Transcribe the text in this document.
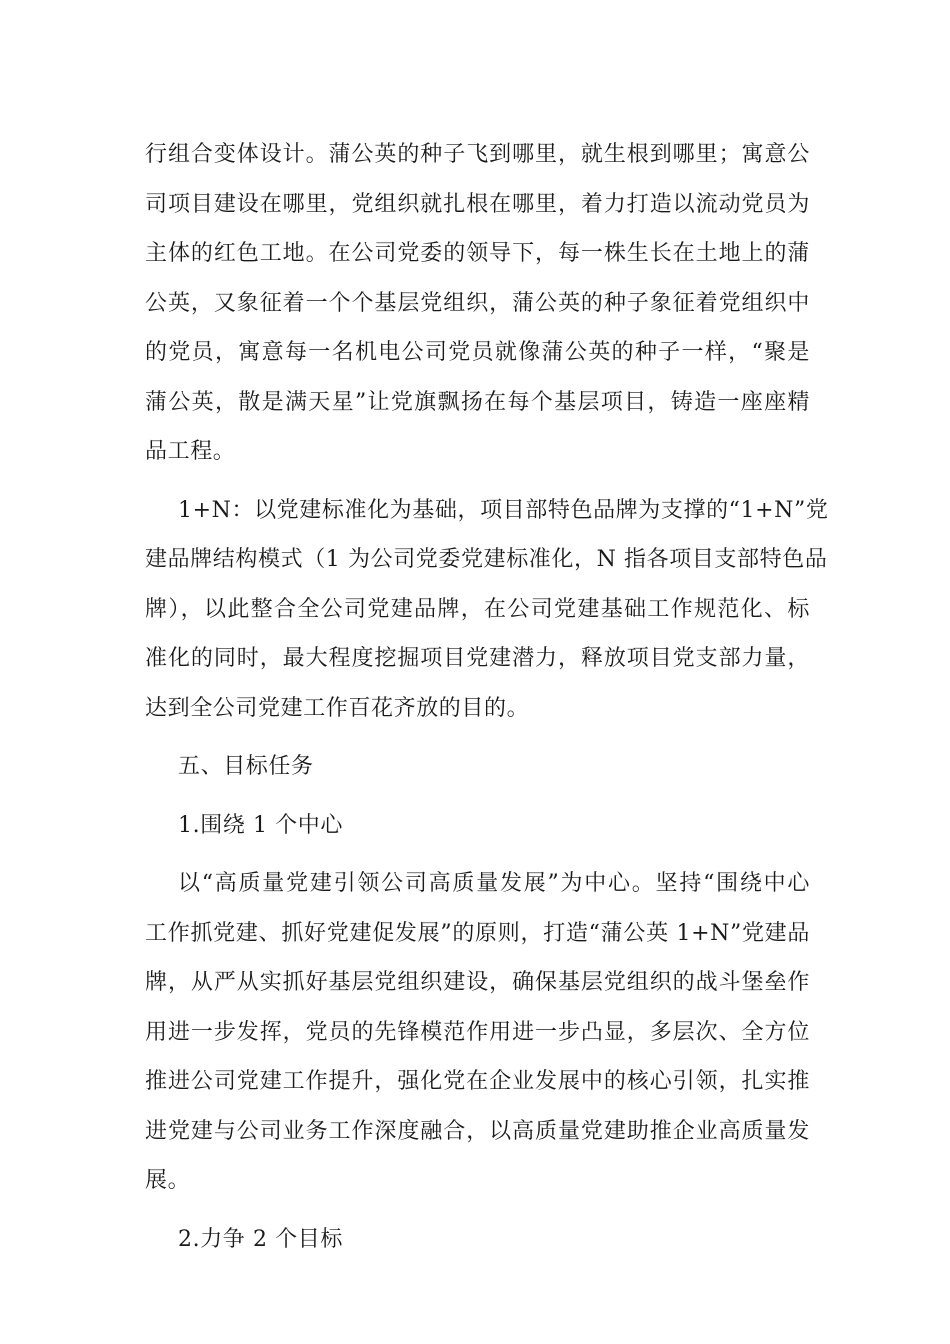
行组合变体设计。蒲公英的种子飞到哪里，就生根到哪里；寓意公
司项目建设在哪里，党组织就扎根在哪里，着力打造以流动党员为
主体的红色工地。在公司党委的领导下，每一株生长在土地上的蒲
公英，又象征着一个个基层党组织，蒲公英的种子象征着党组织中
的党员，寓意每一名机电公司党员就像蒲公英的种子一样，“聚是
蒲公英，散是满天星”让党旗飘扬在每个基层项目，铸造一座座精
品工程。

1+N：以党建标准化为基础，项目部特色品牌为支撑的“1+N”党
建品牌结构模式（1 为公司党委党建标准化，N 指各项目支部特色品
牌），以此整合全公司党建品牌，在公司党建基础工作规范化、标
准化的同时，最大程度挖掘项目党建潜力，释放项目党支部力量，
达到全公司党建工作百花齐放的目的。

五、目标任务

1.围绕 1 个中心

以“高质量党建引领公司高质量发展”为中心。坚持“围绕中心
工作抓党建、抓好党建促发展”的原则，打造“蒲公英 1+N”党建品
牌，从严从实抓好基层党组织建设，确保基层党组织的战斗堡垒作
用进一步发挥，党员的先锋模范作用进一步凸显，多层次、全方位
推进公司党建工作提升，强化党在企业发展中的核心引领，扎实推
进党建与公司业务工作深度融合，以高质量党建助推企业高质量发
展。

2.力争 2 个目标
